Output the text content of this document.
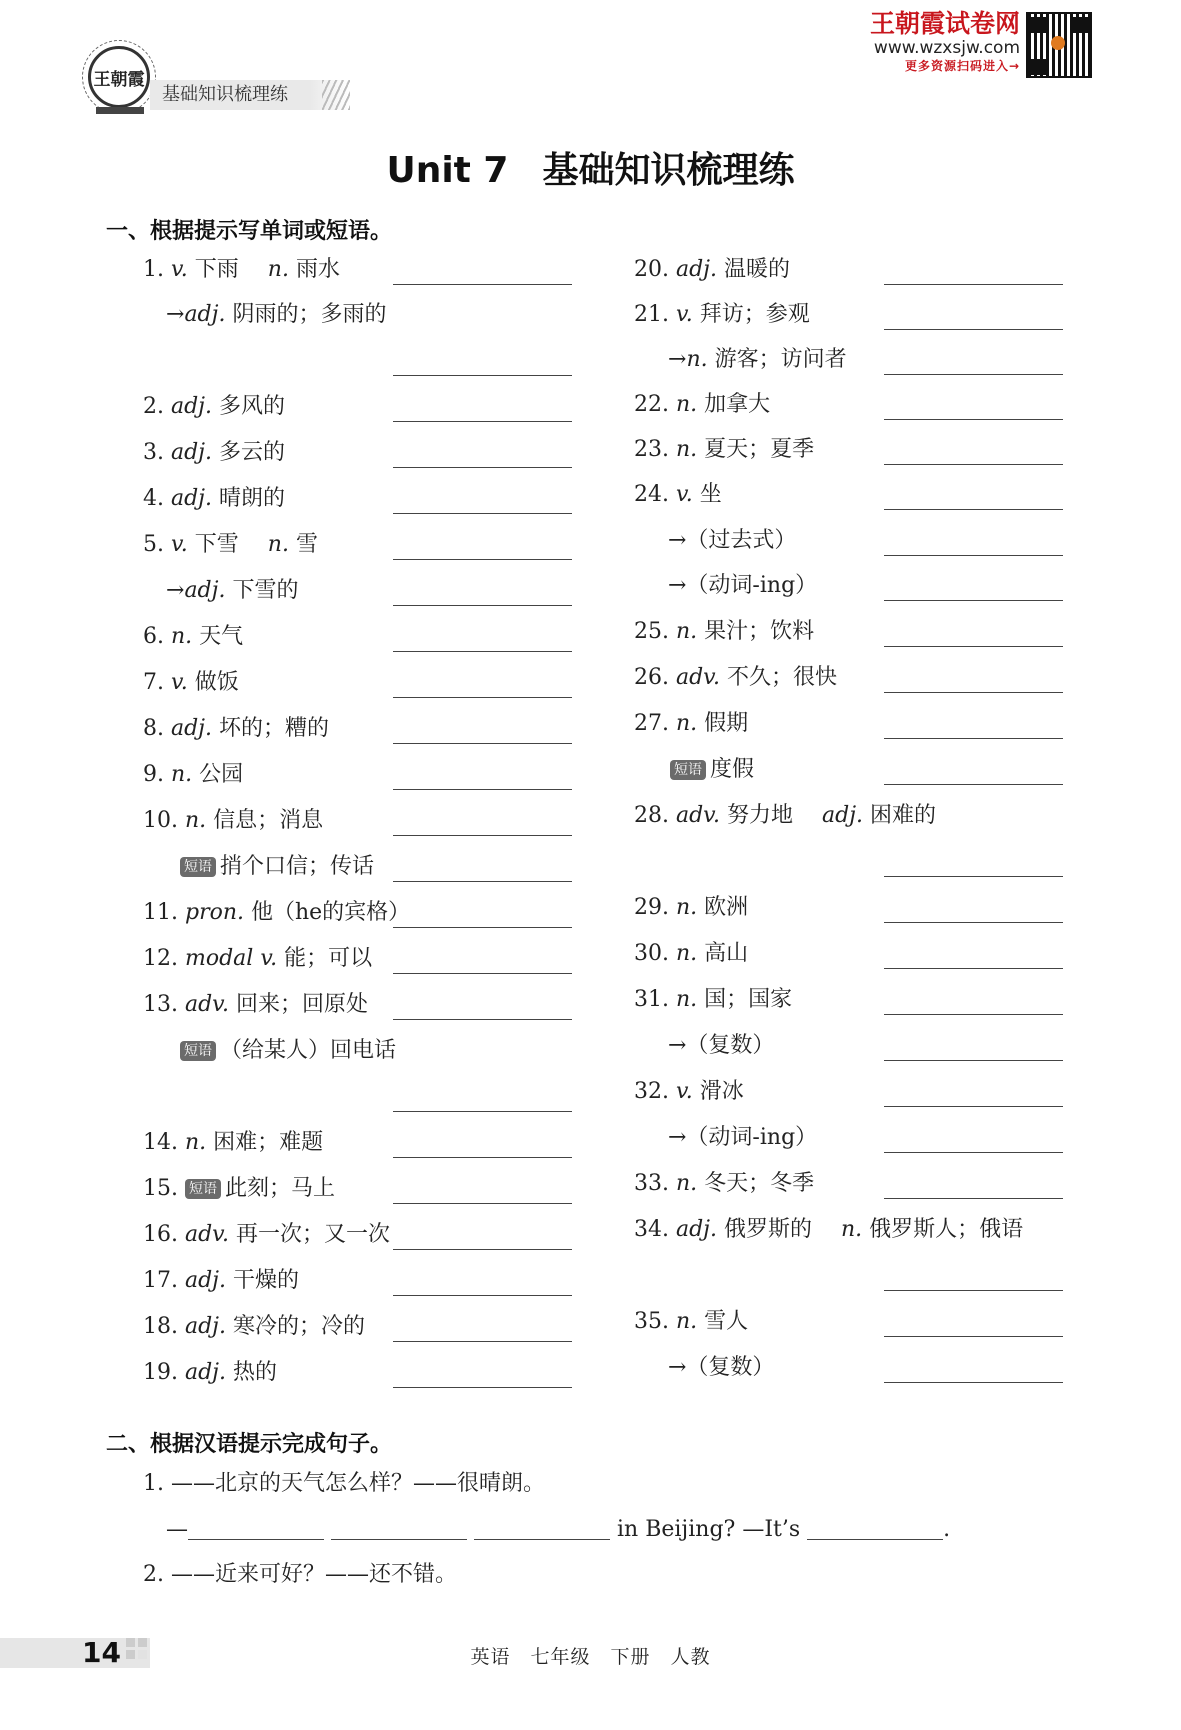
王朝霞
基础知识梳理练
王朝霞试卷网
www.wzxsjw.com
更多资源扫码进入→
Unit 7 基础知识梳理练
一、根据提示写单词或短语。
1. v. 下雨　 n. 雨水
→adj. 阴雨的；多雨的
2. adj. 多风的
3. adj. 多云的
4. adj. 晴朗的
5. v. 下雪　 n. 雪
→adj. 下雪的
6. n. 天气
7. v. 做饭
8. adj. 坏的；糟的
9. n. 公园
10. n. 信息；消息
短语 捎个口信；传话
11. pron. 他（he的宾格）
12. modal v. 能；可以
13. adv. 回来；回原处
短语 （给某人）回电话
14. n. 困难；难题
15. 短语 此刻；马上
16. adv. 再一次；又一次
17. adj. 干燥的
18. adj. 寒冷的；冷的
19. adj. 热的
20. adj. 温暖的
21. v. 拜访；参观
→n. 游客；访问者
22. n. 加拿大
23. n. 夏天；夏季
24. v. 坐
→（过去式）
→（动词-ing）
25. n. 果汁；饮料
26. adv. 不久；很快
27. n. 假期
短语 度假
28. adv. 努力地　 adj. 困难的
29. n. 欧洲
30. n. 高山
31. n. 国；国家
→（复数）
32. v. 滑冰
→（动词-ing）
33. n. 冬天；冬季
34. adj. 俄罗斯的　 n. 俄罗斯人；俄语
35. n. 雪人
→（复数）
二、根据汉语提示完成句子。
1. ——北京的天气怎么样？——很晴朗。
—	in Beijing? —It’s	.
2. ——近来可好？——还不错。
14	英语　七年级　下册　人教
